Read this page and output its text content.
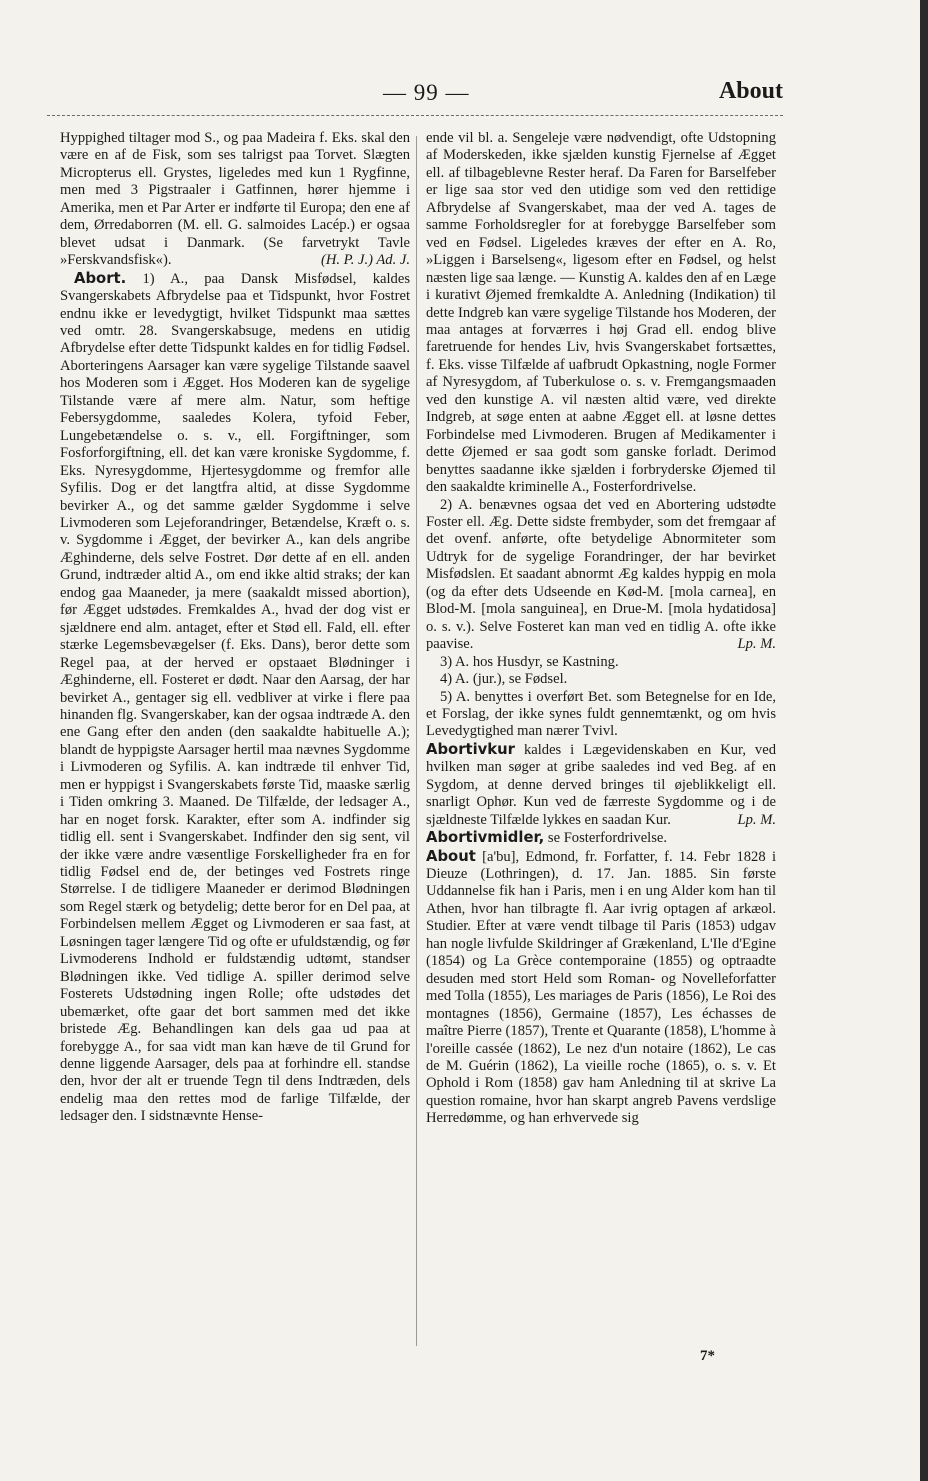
— 99 —	About

Hyppighed tiltager mod S., og paa Madeira f. Eks. skal den være en af de Fisk, som ses talrigst paa Torvet. Slægten Micropterus ell. Grystes, ligeledes med kun 1 Rygfinne, men med 3 Pigstraaler i Gatfinnen, hører hjemme i Amerika, men et Par Arter er indførte til Europa; den ene af dem, Ørredaborren (M. ell. G. salmoides Lacép.) er ogsaa blevet udsat i Danmark. (Se farvetrykt Tavle »Ferskvandsfisk«).	(H. P. J.) Ad. J.

Abort. 1) A., paa Dansk Misfødsel, kaldes Svangerskabets Afbrydelse paa et Tidspunkt, hvor Fostret endnu ikke er levedygtigt, hvilket Tidspunkt maa sættes ved omtr. 28. Svangerskabsuge, medens en utidig Afbrydelse efter dette Tidspunkt kaldes en for tidlig Fødsel. Aborteringens Aarsager kan være sygelige Tilstande saavel hos Moderen som i Ægget. Hos Moderen kan de sygelige Tilstande være af mere alm. Natur, som heftige Febersygdomme, saaledes Kolera, tyfoid Feber, Lungebetændelse o. s. v., ell. Forgiftninger, som Fosforforgiftning, ell. det kan være kroniske Sygdomme, f. Eks. Nyresygdomme, Hjertesygdomme og fremfor alle Syfilis. Dog er det langtfra altid, at disse Sygdomme bevirker A., og det samme gælder Sygdomme i selve Livmoderen som Lejeforandringer, Betændelse, Kræft o. s. v. Sygdomme i Ægget, der bevirker A., kan dels angribe Æghinderne, dels selve Fostret. Dør dette af en ell. anden Grund, indtræder altid A., om end ikke altid straks; der kan endog gaa Maaneder, ja mere (saakaldt missed abortion), før Ægget udstødes. Fremkaldes A., hvad der dog vist er sjældnere end alm. antaget, efter et Stød ell. Fald, ell. efter stærke Legemsbevægelser (f. Eks. Dans), beror dette som Regel paa, at der herved er opstaaet Blødninger i Æghinderne, ell. Fosteret er dødt. Naar den Aarsag, der har bevirket A., gentager sig ell. vedbliver at virke i flere paa hinanden flg. Svangerskaber, kan der ogsaa indtræde A. den ene Gang efter den anden (den saakaldte habituelle A.); blandt de hyppigste Aarsager hertil maa nævnes Sygdomme i Livmoderen og Syfilis. A. kan indtræde til enhver Tid, men er hyppigst i Svangerskabets første Tid, maaske særlig i Tiden omkring 3. Maaned. De Tilfælde, der ledsager A., har en noget forsk. Karakter, efter som A. indfinder sig tidlig ell. sent i Svangerskabet. Indfinder den sig sent, vil der ikke være andre væsentlige Forskelligheder fra en for tidlig Fødsel end de, der betinges ved Fostrets ringe Størrelse. I de tidligere Maaneder er derimod Blødningen som Regel stærk og betydelig; dette beror for en Del paa, at Forbindelsen mellem Ægget og Livmoderen er saa fast, at Løsningen tager længere Tid og ofte er ufuldstændig, og før Livmoderens Indhold er fuldstændig udtømt, standser Blødningen ikke. Ved tidlige A. spiller derimod selve Fosterets Udstødning ingen Rolle; ofte udstødes det ubemærket, ofte gaar det bort sammen med det ikke bristede Æg. Behandlingen kan dels gaa ud paa at forebygge A., for saa vidt man kan hæve de til Grund for denne liggende Aarsager, dels paa at forhindre ell. standse den, hvor der alt er truende Tegn til dens Indtræden, dels endelig maa den rettes mod de farlige Tilfælde, der ledsager den. I sidstnævnte Hense-

ende vil bl. a. Sengeleje være nødvendigt, ofte Udstopning af Moderskeden, ikke sjælden kunstig Fjernelse af Ægget ell. af tilbageblevne Rester heraf. Da Faren for Barselfeber er lige saa stor ved den utidige som ved den rettidige Afbrydelse af Svangerskabet, maa der ved A. tages de samme Forholdsregler for at forebygge Barselfeber som ved en Fødsel. Ligeledes kræves der efter en A. Ro, »Liggen i Barselseng«, ligesom efter en Fødsel, og helst næsten lige saa længe. — Kunstig A. kaldes den af en Læge i kurativt Øjemed fremkaldte A. Anledning (Indikation) til dette Indgreb kan være sygelige Tilstande hos Moderen, der maa antages at forværres i høj Grad ell. endog blive faretruende for hendes Liv, hvis Svangerskabet fortsættes, f. Eks. visse Tilfælde af uafbrudt Opkastning, nogle Former af Nyresygdom, af Tuberkulose o. s. v. Fremgangsmaaden ved den kunstige A. vil næsten altid være, ved direkte Indgreb, at søge enten at aabne Ægget ell. at løsne dettes Forbindelse med Livmoderen. Brugen af Medikamenter i dette Øjemed er saa godt som ganske forladt. Derimod benyttes saadanne ikke sjælden i forbryderske Øjemed til den saakaldte kriminelle A., Fosterfordrivelse.

2) A. benævnes ogsaa det ved en Abortering udstødte Foster ell. Æg. Dette sidste frembyder, som det fremgaar af det ovenf. anførte, ofte betydelige Abnormiteter som Udtryk for de sygelige Forandringer, der har bevirket Misfødslen. Et saadant abnormt Æg kaldes hyppig en mola (og da efter dets Udseende en Kød-M. [mola carnea], en Blod-M. [mola sanguinea], en Drue-M. [mola hydatidosa] o. s. v.). Selve Fosteret kan man ved en tidlig A. ofte ikke paavise.	Lp. M.

3) A. hos Husdyr, se Kastning.

4) A. (jur.), se Fødsel.

5) A. benyttes i overført Bet. som Betegnelse for en Ide, et Forslag, der ikke synes fuldt gennemtænkt, og om hvis Levedygtighed man nærer Tvivl.

Abortivkur kaldes i Lægevidenskaben en Kur, ved hvilken man søger at gribe saaledes ind ved Beg. af en Sygdom, at denne derved bringes til øjeblikkeligt ell. snarligt Ophør. Kun ved de færreste Sygdomme og i de sjældneste Tilfælde lykkes en saadan Kur.	Lp. M.

Abortivmidler, se Fosterfordrivelse.

About [a'bu], Edmond, fr. Forfatter, f. 14. Febr 1828 i Dieuze (Lothringen), d. 17. Jan. 1885. Sin første Uddannelse fik han i Paris, men i en ung Alder kom han til Athen, hvor han tilbragte fl. Aar ivrig optagen af arkæol. Studier. Efter at være vendt tilbage til Paris (1853) udgav han nogle livfulde Skildringer af Grækenland, L'Ile d'Egine (1854) og La Grèce contemporaine (1855) og optraadte desuden med stort Held som Roman- og Novelleforfatter med Tolla (1855), Les mariages de Paris (1856), Le Roi des montagnes (1856), Germaine (1857), Les échasses de maître Pierre (1857), Trente et Quarante (1858), L'homme à l'oreille cassée (1862), Le nez d'un notaire (1862), Le cas de M. Guérin (1862), La vieille roche (1865), o. s. v. Et Ophold i Rom (1858) gav ham Anledning til at skrive La question romaine, hvor han skarpt angreb Pavens verdslige Herredømme, og han erhvervede sig

7*
